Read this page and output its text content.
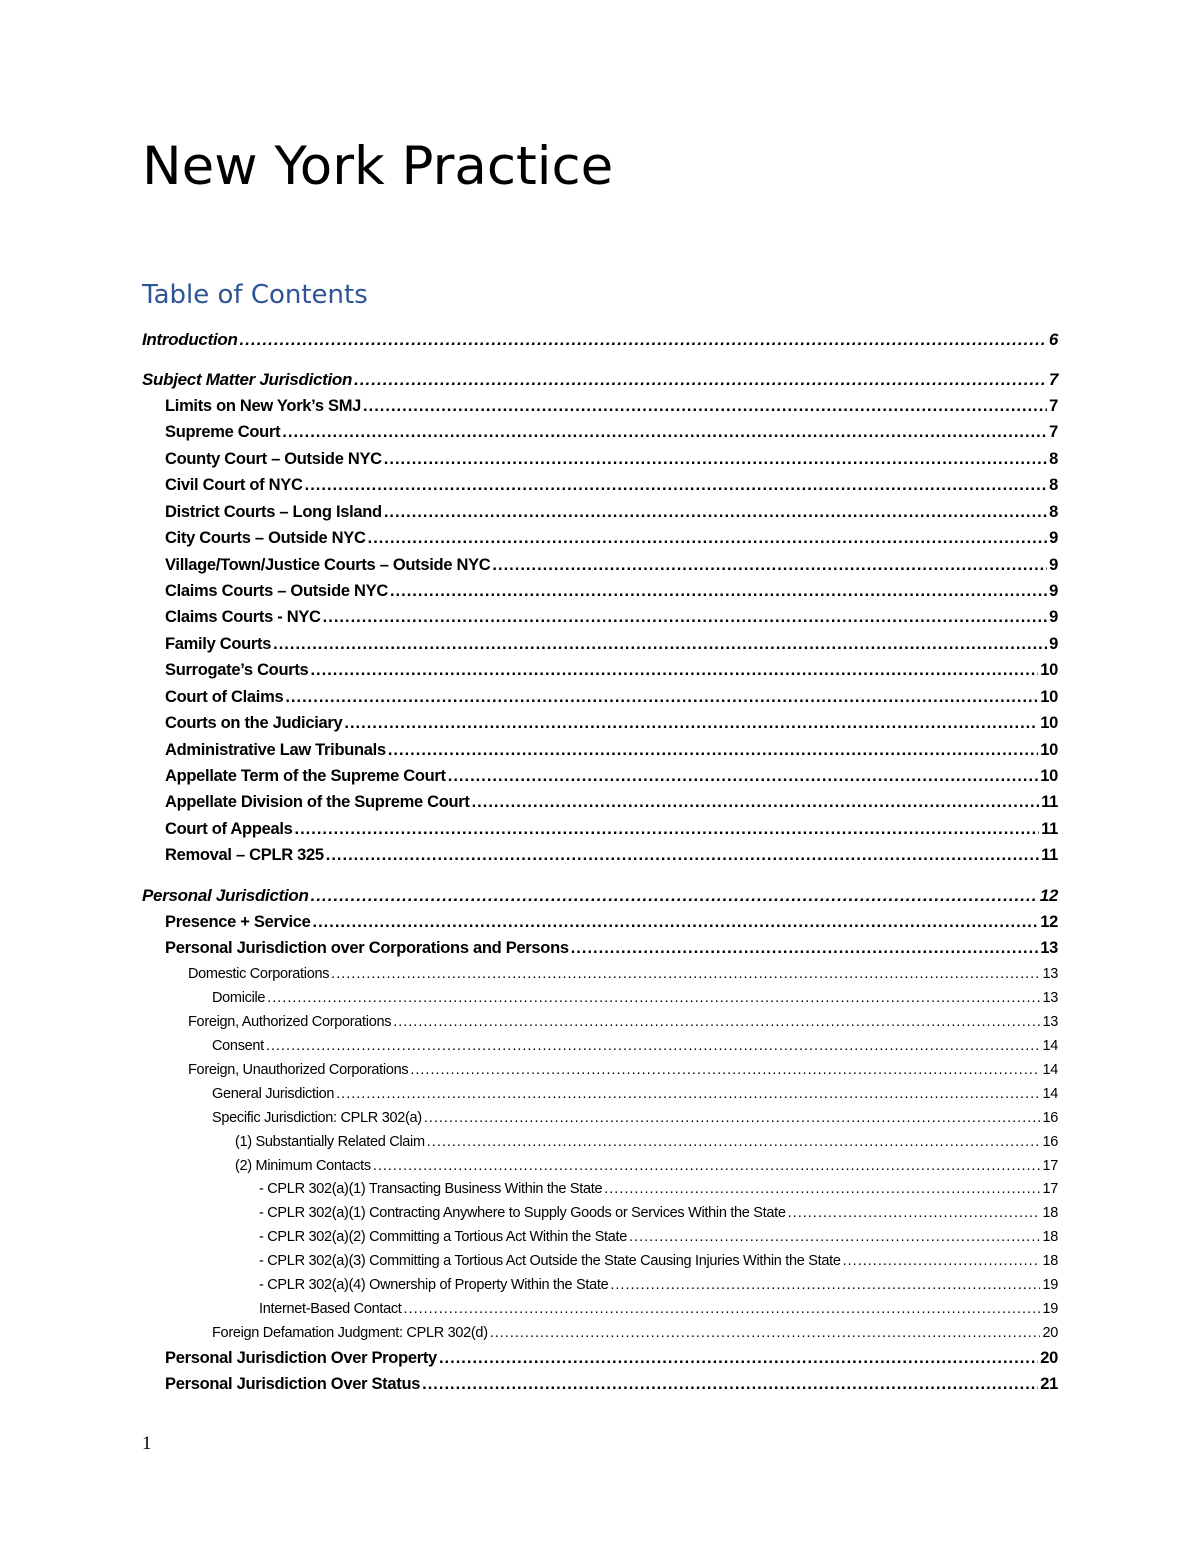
New York Practice
Table of Contents
Introduction .....	6
Subject Matter Jurisdiction .....	7
Limits on New York’s SMJ .....	7
Supreme Court .....	7
County Court – Outside NYC .....	8
Civil Court of NYC .....	8
District Courts – Long Island .....	8
City Courts – Outside NYC .....	9
Village/Town/Justice Courts – Outside NYC .....	9
Claims Courts – Outside NYC .....	9
Claims Courts - NYC .....	9
Family Courts .....	9
Surrogate’s Courts .....	10
Court of Claims .....	10
Courts on the Judiciary .....	10
Administrative Law Tribunals .....	10
Appellate Term of the Supreme Court .....	10
Appellate Division of the Supreme Court .....	11
Court of Appeals .....	11
Removal – CPLR 325 .....	11
Personal Jurisdiction .....	12
Presence + Service .....	12
Personal Jurisdiction over Corporations and Persons .....	13
Domestic Corporations .....	13
Domicile .....	13
Foreign, Authorized Corporations .....	13
Consent .....	14
Foreign, Unauthorized Corporations .....	14
General Jurisdiction .....	14
Specific Jurisdiction: CPLR 302(a) .....	16
(1) Substantially Related Claim .....	16
(2) Minimum Contacts .....	17
- CPLR 302(a)(1) Transacting Business Within the State .....	17
- CPLR 302(a)(1) Contracting Anywhere to Supply Goods or Services Within the State .....	18
- CPLR 302(a)(2) Committing a Tortious Act Within the State .....	18
- CPLR 302(a)(3) Committing a Tortious Act Outside the State Causing Injuries Within the State .....	18
- CPLR 302(a)(4) Ownership of Property Within the State .....	19
Internet-Based Contact .....	19
Foreign Defamation Judgment: CPLR 302(d) .....	20
Personal Jurisdiction Over Property .....	20
Personal Jurisdiction Over Status .....	21
1
